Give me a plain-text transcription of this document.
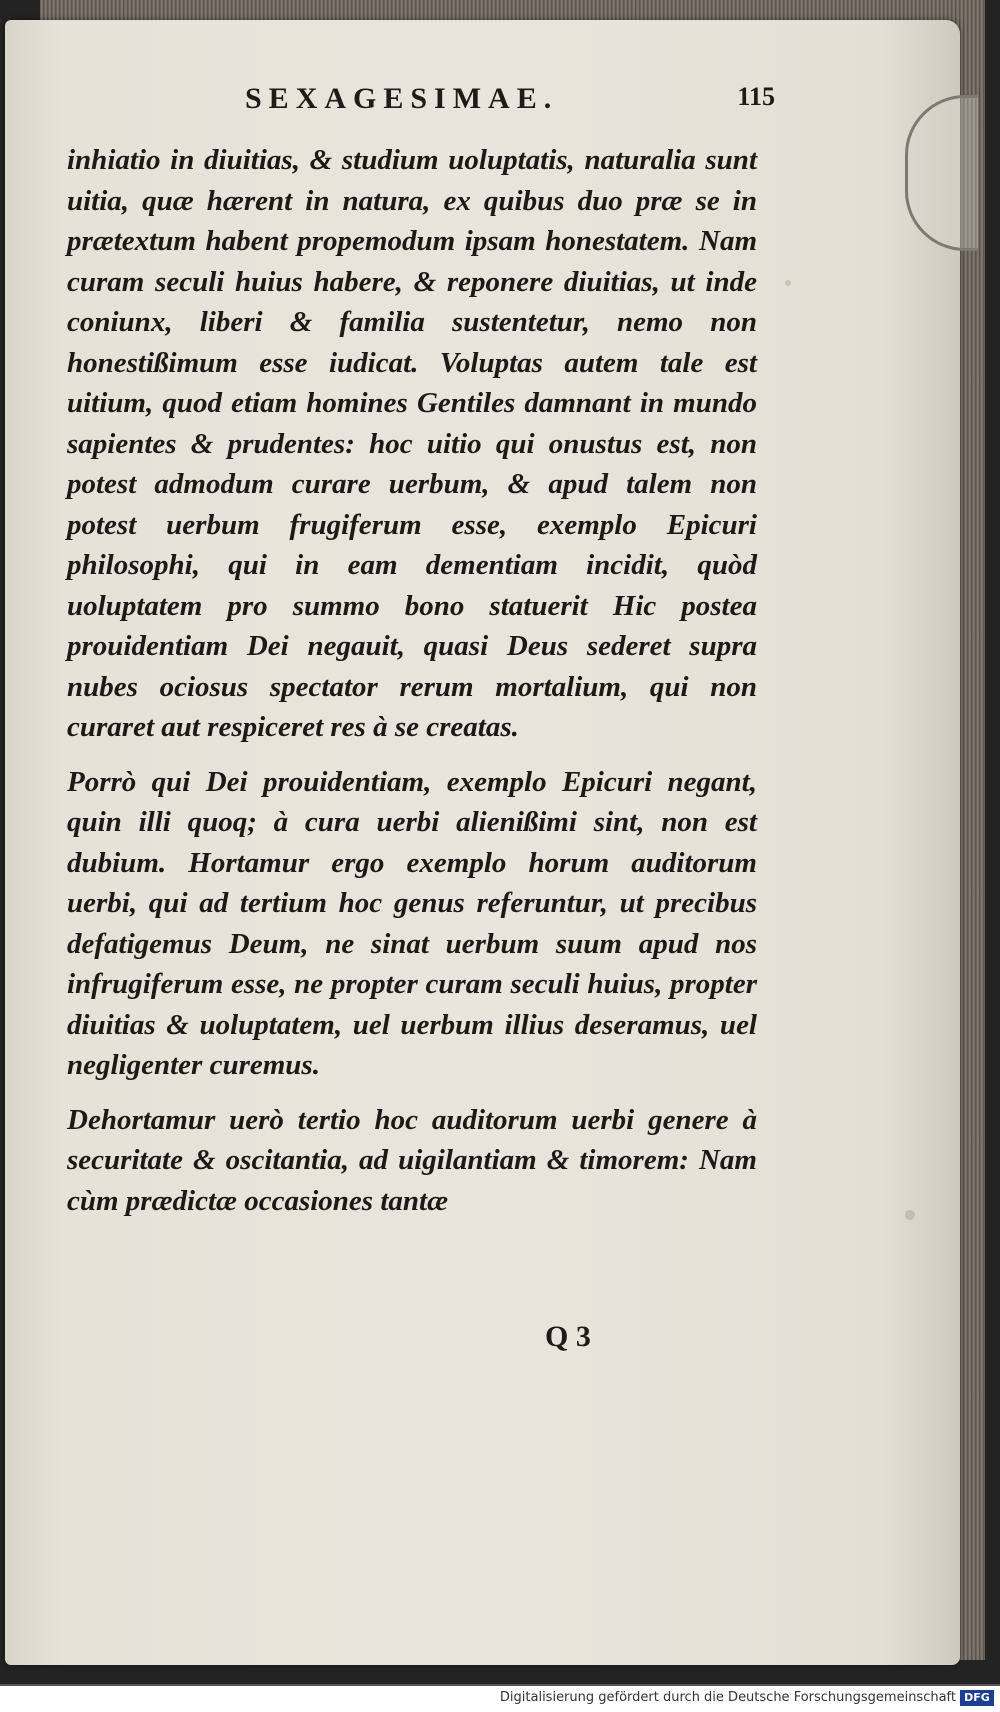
SEXAGESIMAE.	115

inhiatio in diuitias, & studium uoluptatis, naturalia sunt uitia, quæ hærent in natura, ex quibus duo præ se in prætextum habent propemodum ipsam honestatem. Nam curam seculi huius habere, & reponere diuitias, ut inde coniunx, liberi & familia sustentetur, nemo non honestißimum esse iudicat. Voluptas autem tale est uitium, quod etiam homines Gentiles damnant in mundo sapientes & prudentes: hoc uitio qui onustus est, non potest admodum curare uerbum, & apud talem non potest uerbum frugiferum esse, exemplo Epicuri philosophi, qui in eam dementiam incidit, quòd uoluptatem pro summo bono statuerit Hic postea prouidentiam Dei negauit, quasi Deus sederet supra nubes ociosus spectator rerum mortalium, qui non curaret aut respiceret res à se creatas.

Porrò qui Dei prouidentiam, exemplo Epicuri negant, quin illi quoq; à cura uerbi alienißimi sint, non est dubium. Hortamur ergo exemplo horum auditorum uerbi, qui ad tertium hoc genus referuntur, ut precibus defatigemus Deum, ne sinat uerbum suum apud nos infrugiferum esse, ne propter curam seculi huius, propter diuitias & uoluptatem, uel uerbum illius deseramus, uel negligenter curemus.

Dehortamur uerò tertio hoc auditorum uerbi genere à securitate & oscitantia, ad uigilantiam & timorem: Nam cùm prædictæ occasiones tantæ

Q 3
Digitalisierung gefördert durch die Deutsche Forschungsgemeinschaft DFG
